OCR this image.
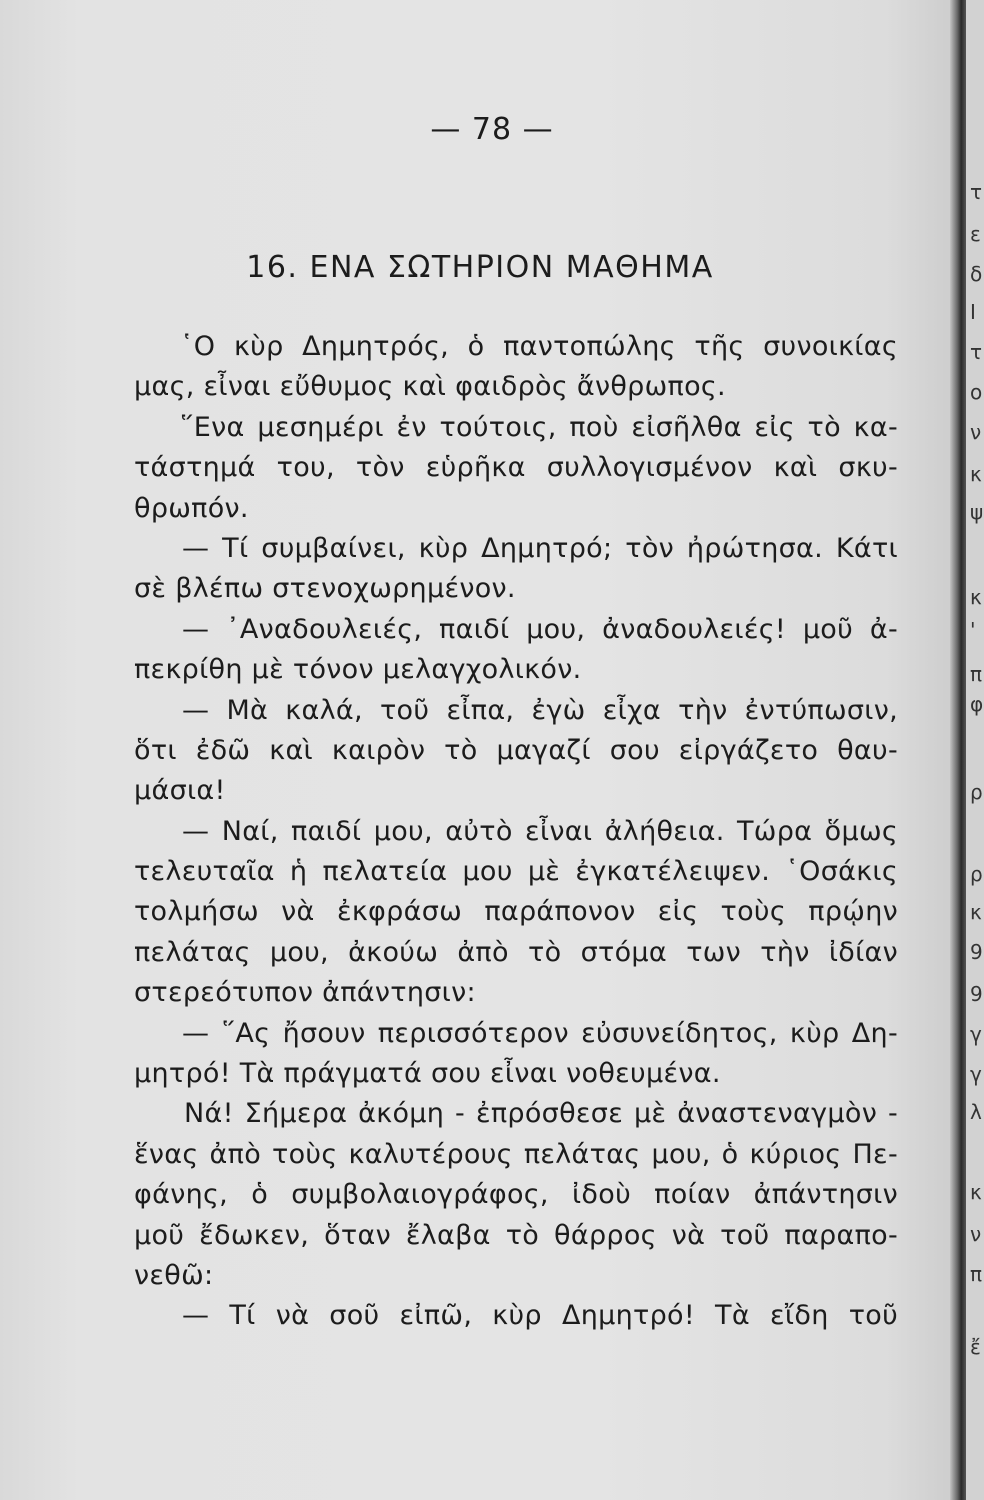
— 78 —
16. ΕΝΑ ΣΩΤΗΡΙΟΝ ΜΑΘΗΜΑ
῾Ο κὺρ Δημητρός, ὁ παντοπώλης τῆς συνοικίας
μας, εἶναι εὔθυμος καὶ φαιδρὸς ἄνθρωπος.
῞Ενα μεσημέρι ἐν τούτοις, ποὺ εἰσῆλθα εἰς τὸ κα-
τάστημά του, τὸν εὑρῆκα συλλογισμένον καὶ σκυ-
θρωπόν.
— Τί συμβαίνει, κὺρ Δημητρό; τὸν ἠρώτησα. Κάτι
σὲ βλέπω στενοχωρημένον.
— ᾿Αναδουλειές, παιδί μου, ἀναδουλειές! μοῦ ἀ-
πεκρίθη μὲ τόνον μελαγχολικόν.
— Μὰ καλά, τοῦ εἶπα, ἐγὼ εἶχα τὴν ἐντύπωσιν,
ὅτι ἐδῶ καὶ καιρὸν τὸ μαγαζί σου εἰργάζετο θαυ-
μάσια!
— Ναί, παιδί μου, αὐτὸ εἶναι ἀλήθεια. Τώρα ὅμως
τελευταῖα ἡ πελατεία μου μὲ ἐγκατέλειψεν. ῾Οσάκις
τολμήσω νὰ ἐκφράσω παράπονον εἰς τοὺς πρῴην
πελάτας μου, ἀκούω ἀπὸ τὸ στόμα των τὴν ἰδίαν
στερεότυπον ἀπάντησιν:
— ῞Ας ἤσουν περισσότερον εὐσυνείδητος, κὺρ Δη-
μητρό! Τὰ πράγματά σου εἶναι νοθευμένα.
Νά! Σήμερα ἀκόμη - ἐπρόσθεσε μὲ ἀναστεναγμὸν -
ἕνας ἀπὸ τοὺς καλυτέρους πελάτας μου, ὁ κύριος Πε-
φάνης, ὁ συμβολαιογράφος, ἰδοὺ ποίαν ἀπάντησιν
μοῦ ἔδωκεν, ὅταν ἔλαβα τὸ θάρρος νὰ τοῦ παραπο-
νεθῶ:
— Τί νὰ σοῦ εἰπῶ, κὺρ Δημητρό! Τὰ εἴδη τοῦ
τ
ε
δ
Ι
τ
ο
ν
κ
ψ
κ
'
π
φ
ρ
ρ
κ
9
9
γ
γ
λ
κ
ν
π
ἔ
